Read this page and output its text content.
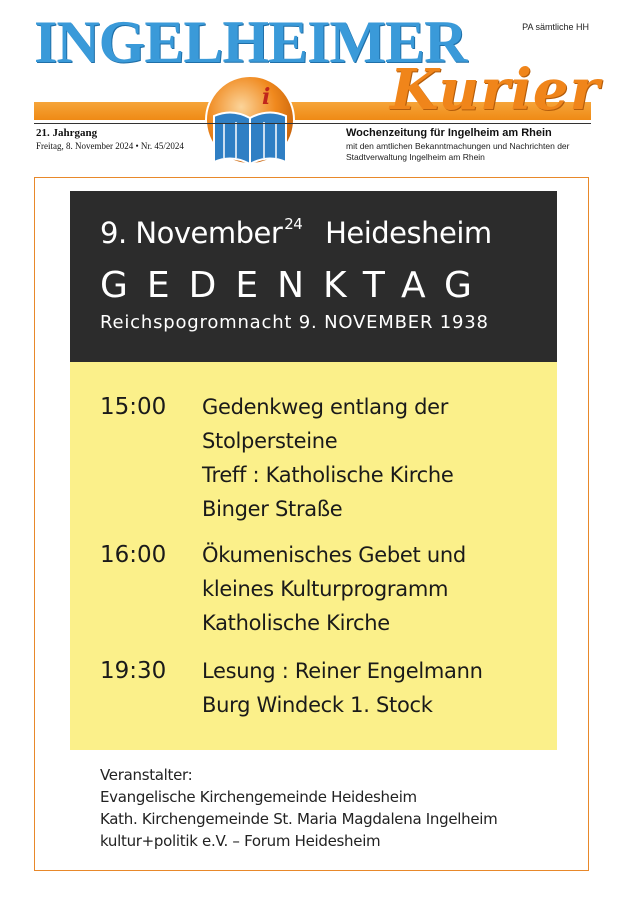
INGELHEIMER	PA sämtliche HH
Kurier
i
21. Jahrgang
Freitag, 8. November 2024 • Nr. 45/2024
Wochenzeitung für Ingelheim am Rhein
mit den amtlichen Bekanntmachungen und Nachrichten der
Stadtverwaltung Ingelheim am Rhein
9. November $^{24}$ Heidesheim
GEDENKTAG
Reichspogromnacht 9. NOVEMBER 1938
15:00 Gedenkweg entlang der
Stolpersteine
Treff : Katholische Kirche
Binger Straße
16:00 Ökumenisches Gebet und
kleines Kulturprogramm
Katholische Kirche
19:30 Lesung : Reiner Engelmann
Burg Windeck 1. Stock
Veranstalter:
Evangelische Kirchengemeinde Heidesheim
Kath. Kirchengemeinde St. Maria Magdalena Ingelheim
kultur+politik e.V. – Forum Heidesheim
